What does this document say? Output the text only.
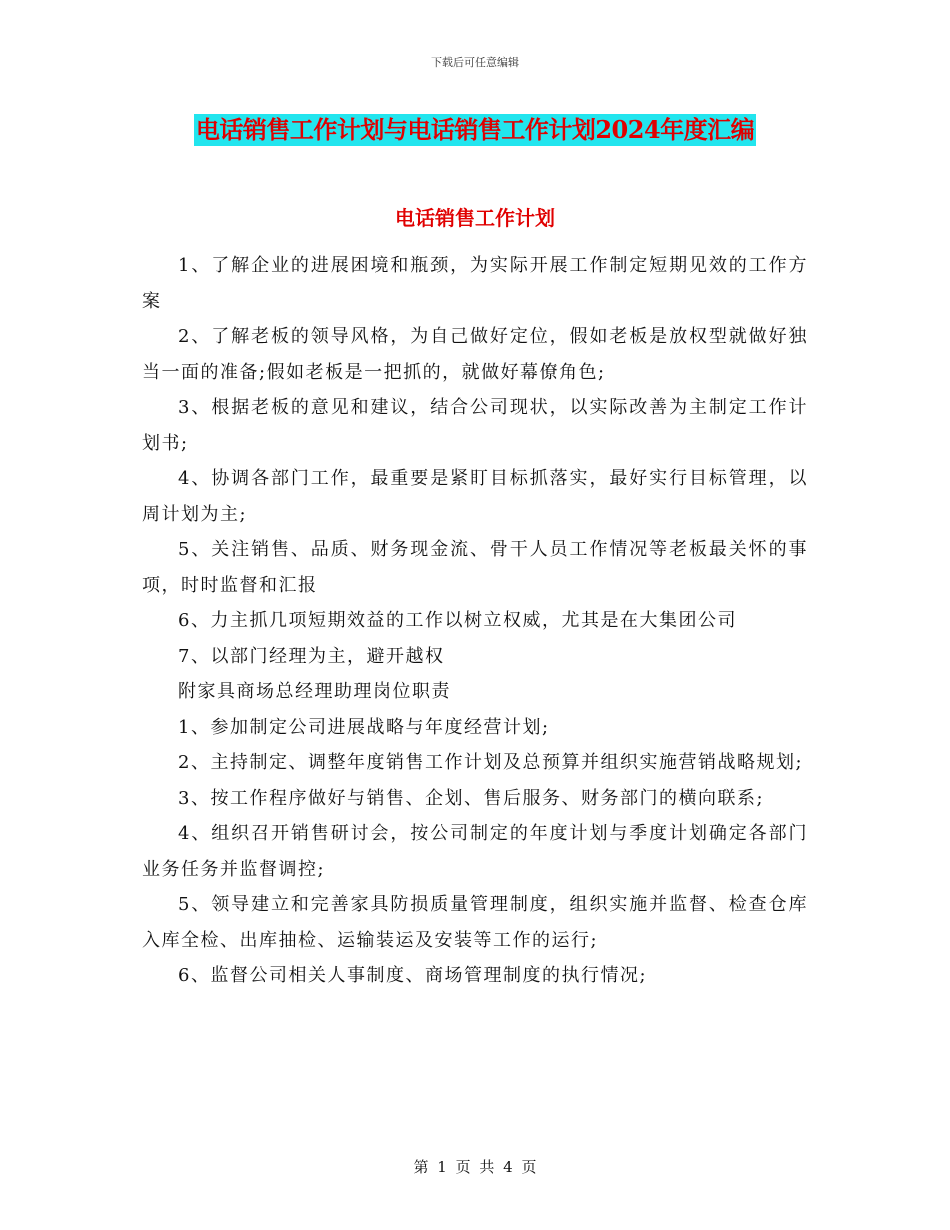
下载后可任意编辑
电话销售工作计划与电话销售工作计划2024年度汇编
电话销售工作计划

1、了解企业的进展困境和瓶颈，为实际开展工作制定短期见效的工作方案

2、了解老板的领导风格，为自己做好定位，假如老板是放权型就做好独当一面的准备;假如老板是一把抓的，就做好幕僚角色;

3、根据老板的意见和建议，结合公司现状，以实际改善为主制定工作计划书;

4、协调各部门工作，最重要是紧盯目标抓落实，最好实行目标管理，以周计划为主;

5、关注销售、品质、财务现金流、骨干人员工作情况等老板最关怀的事项，时时监督和汇报

6、力主抓几项短期效益的工作以树立权威，尤其是在大集团公司

7、以部门经理为主，避开越权

附家具商场总经理助理岗位职责

1、参加制定公司进展战略与年度经营计划;

2、主持制定、调整年度销售工作计划及总预算并组织实施营销战略规划;

3、按工作程序做好与销售、企划、售后服务、财务部门的横向联系;

4、组织召开销售研讨会，按公司制定的年度计划与季度计划确定各部门业务任务并监督调控;

5、领导建立和完善家具防损质量管理制度，组织实施并监督、检查仓库入库全检、出库抽检、运输装运及安装等工作的运行;

6、监督公司相关人事制度、商场管理制度的执行情况;

第 1 页 共 4 页
